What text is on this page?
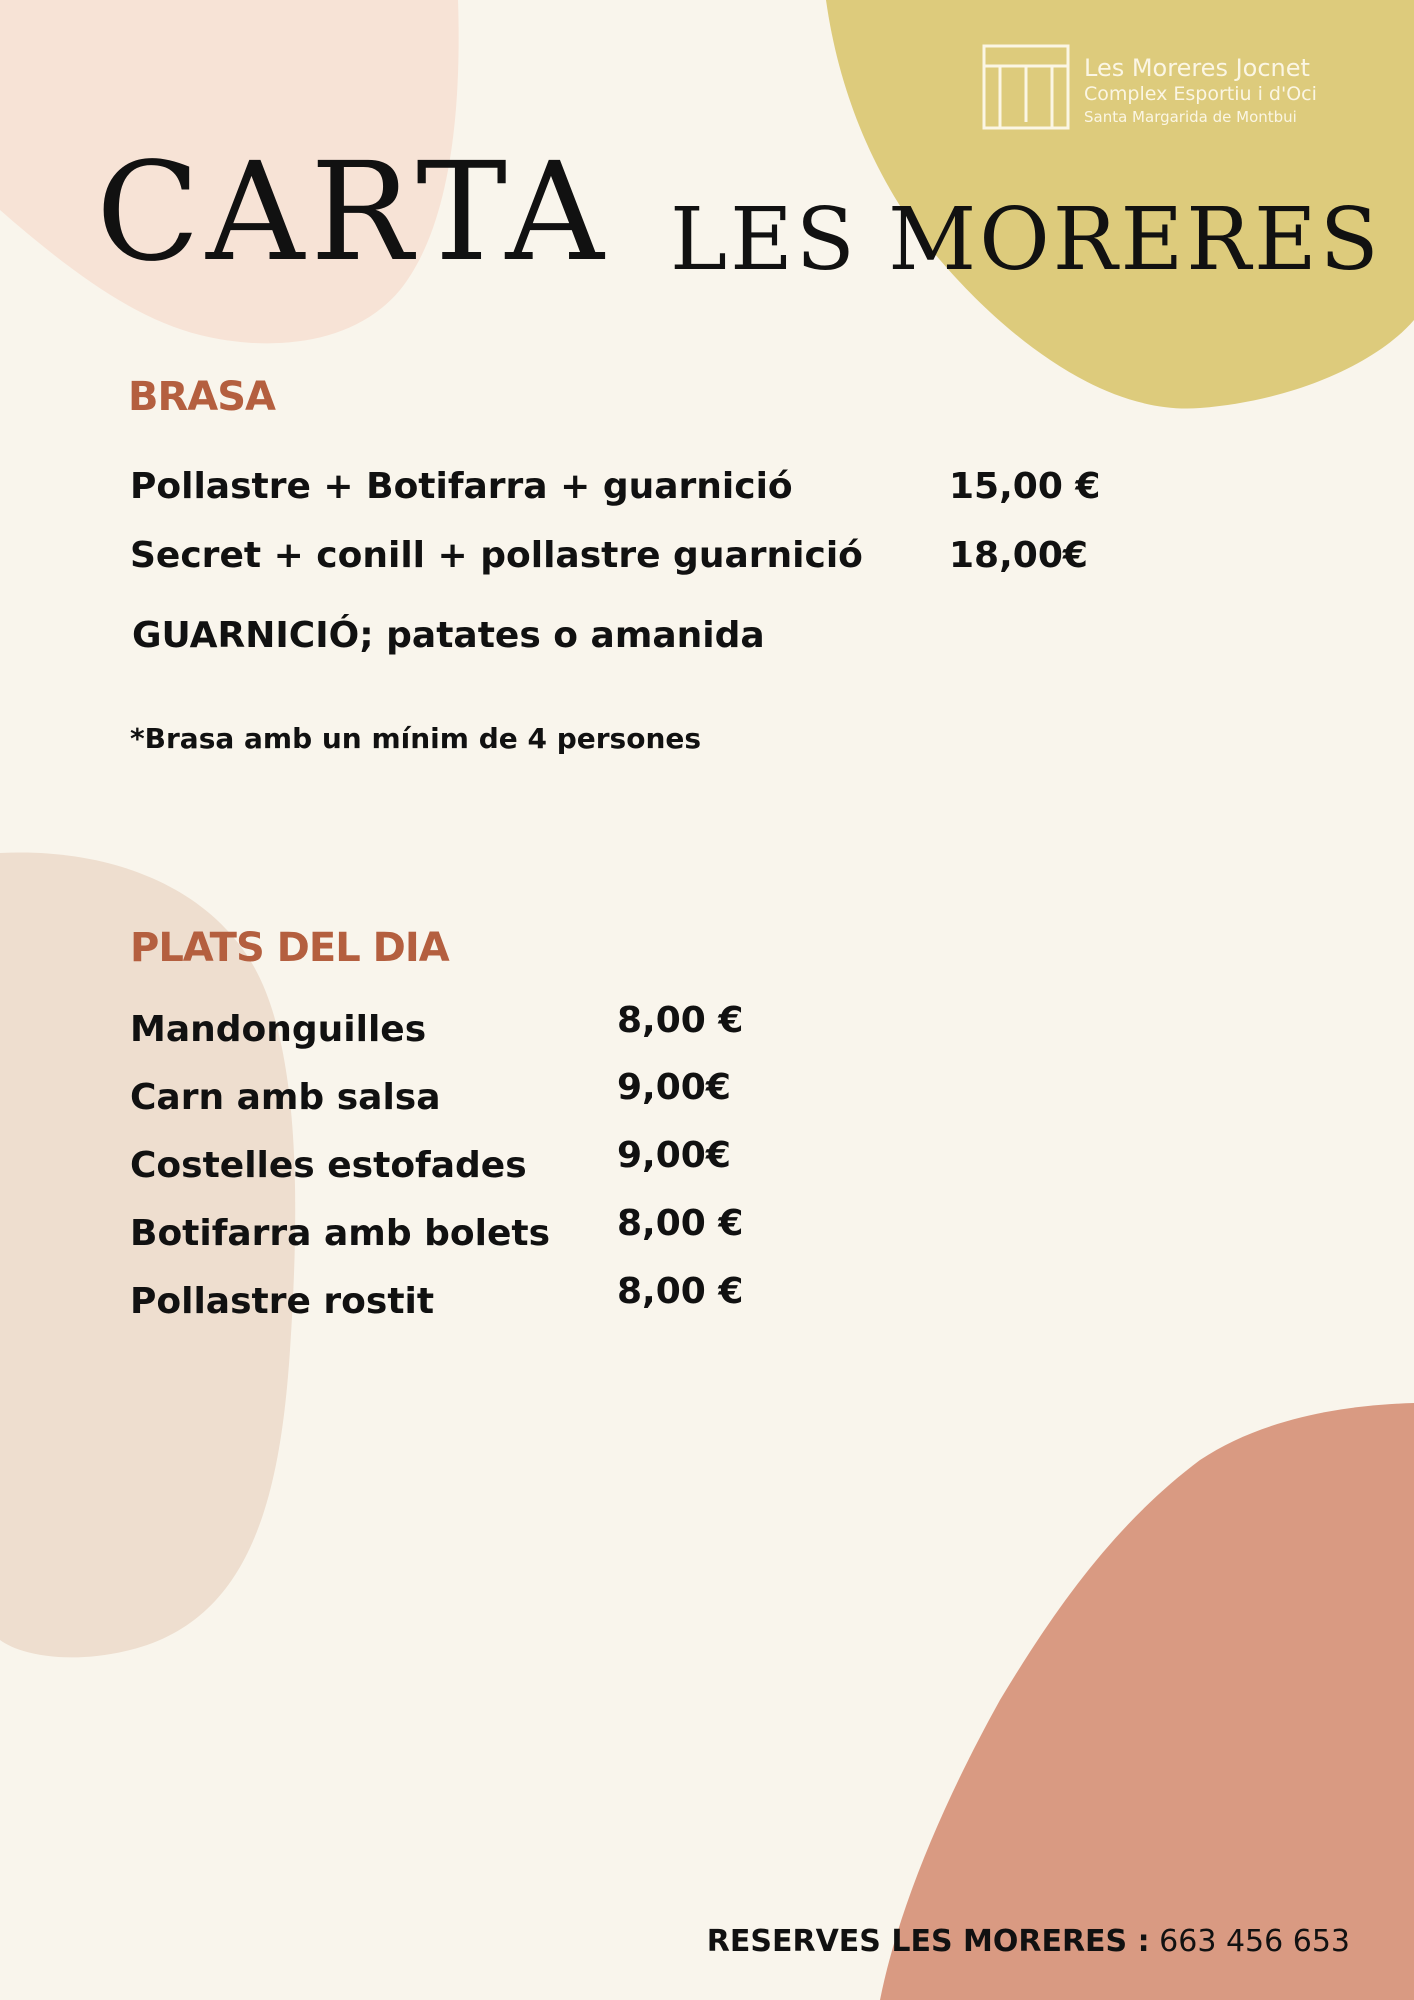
Les Moreres Jocnet
Complex Esportiu i d'Oci
Santa Margarida de Montbui
CARTA LES MORERES
BRASA
Pollastre + Botifarra + guarnició	15,00 €
Secret + conill + pollastre guarnició 18,00€
GUARNICIÓ; patates o amanida
*Brasa amb un mínim de 4 persones
PLATS DEL DIA
Mandonguilles	8,00 €
Carn amb salsa	9,00€
Costelles estofades	9,00€
Botifarra amb bolets 8,00 €
Pollastre rostit	8,00 €
RESERVES LES MORERES : 663 456 653
